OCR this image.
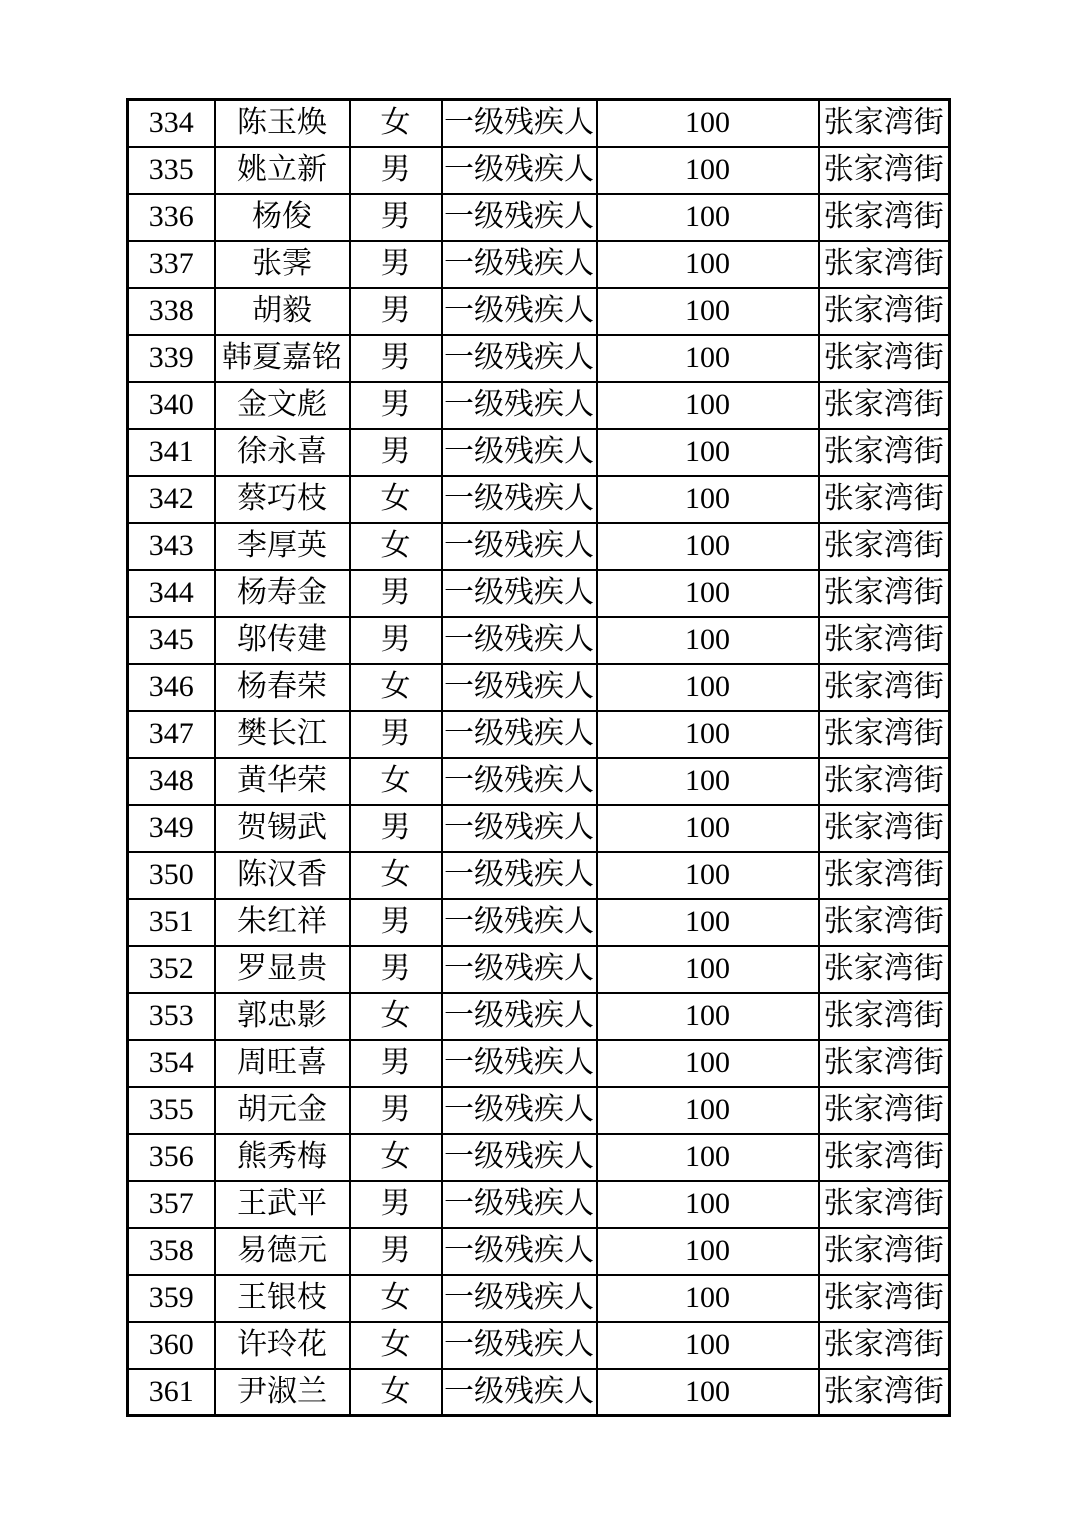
334	陈玉焕	女	一级残疾人	100	张家湾街
335	姚立新	男	一级残疾人	100	张家湾街
336	杨俊	男	一级残疾人	100	张家湾街
337	张霁	男	一级残疾人	100	张家湾街
338	胡毅	男	一级残疾人	100	张家湾街
339	韩夏嘉铭	男	一级残疾人	100	张家湾街
340	金文彪	男	一级残疾人	100	张家湾街
341	徐永喜	男	一级残疾人	100	张家湾街
342	蔡巧枝	女	一级残疾人	100	张家湾街
343	李厚英	女	一级残疾人	100	张家湾街
344	杨寿金	男	一级残疾人	100	张家湾街
345	邬传建	男	一级残疾人	100	张家湾街
346	杨春荣	女	一级残疾人	100	张家湾街
347	樊长江	男	一级残疾人	100	张家湾街
348	黄华荣	女	一级残疾人	100	张家湾街
349	贺锡武	男	一级残疾人	100	张家湾街
350	陈汉香	女	一级残疾人	100	张家湾街
351	朱红祥	男	一级残疾人	100	张家湾街
352	罗显贵	男	一级残疾人	100	张家湾街
353	郭忠影	女	一级残疾人	100	张家湾街
354	周旺喜	男	一级残疾人	100	张家湾街
355	胡元金	男	一级残疾人	100	张家湾街
356	熊秀梅	女	一级残疾人	100	张家湾街
357	王武平	男	一级残疾人	100	张家湾街
358	易德元	男	一级残疾人	100	张家湾街
359	王银枝	女	一级残疾人	100	张家湾街
360	许玲花	女	一级残疾人	100	张家湾街
361	尹淑兰	女	一级残疾人	100	张家湾街
